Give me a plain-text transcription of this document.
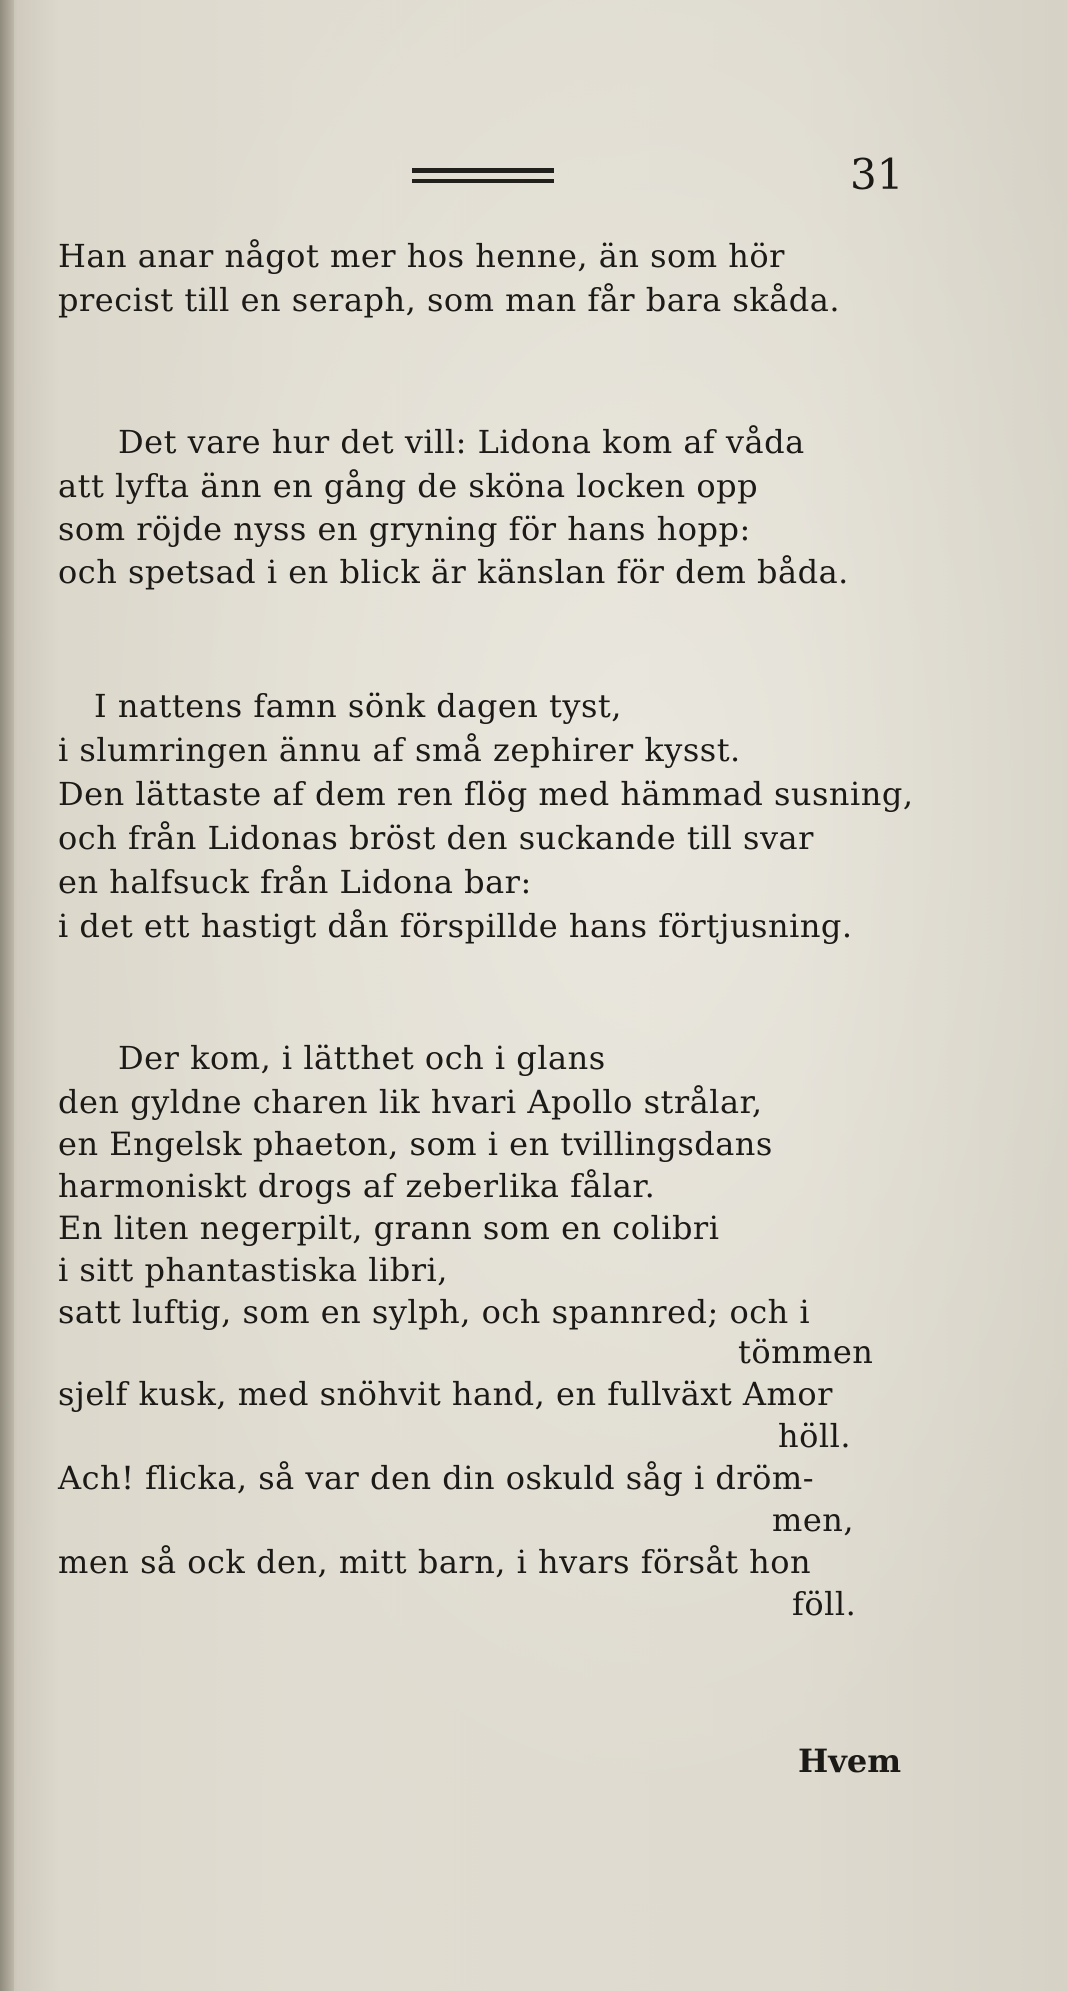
31
Han anar något mer hos henne, än som hör
precist till en seraph, som man får bara skåda.
Det vare hur det vill: Lidona kom af våda
att lyfta änn en gång de sköna locken opp
som röjde nyss en gryning för hans hopp:
och spetsad i en blick är känslan för dem båda.
I nattens famn sönk dagen tyst,
i slumringen ännu af små zephirer kysst.
Den lättaste af dem ren flög med hämmad susning,
och från Lidonas bröst den suckande till svar
en halfsuck från Lidona bar:
i det ett hastigt dån förspillde hans förtjusning.
Der kom, i lätthet och i glans
den gyldne charen lik hvari Apollo strålar,
en Engelsk phaeton, som i en tvillingsdans
harmoniskt drogs af zeberlika fålar.
En liten negerpilt, grann som en colibri
i sitt phantastiska libri,
satt luftig, som en sylph, och spannred; och i
tömmen
sjelf kusk, med snöhvit hand, en fullväxt Amor
höll.
Ach! flicka, så var den din oskuld såg i dröm-
men,
men så ock den, mitt barn, i hvars försåt hon
föll.
Hvem
